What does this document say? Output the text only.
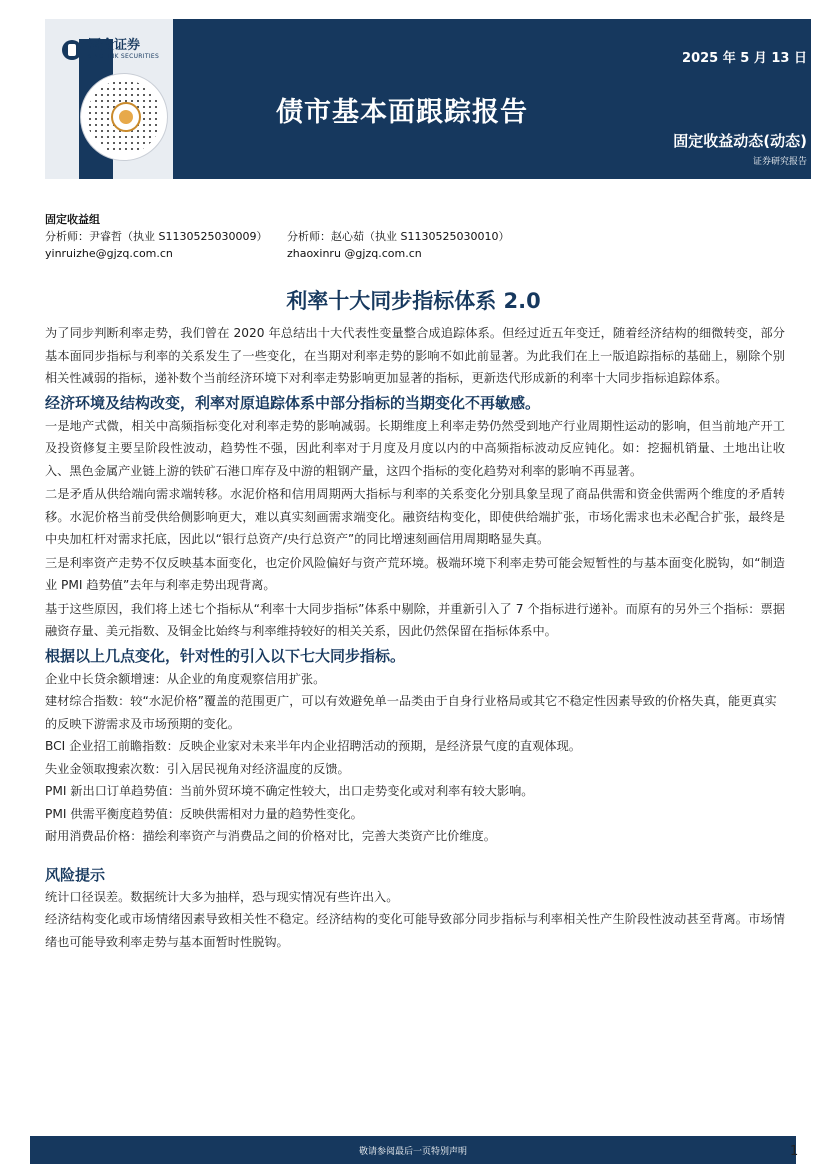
国金证券
SINOLINK SECURITIES	2025 年 5 月 13 日
债市基本面跟踪报告
固定收益动态(动态)
证券研究报告
固定收益组
分析师：尹睿哲（执业 S1130525030009）	分析师：赵心茹（执业 S1130525030010）
yinruizhe@gjzq.com.cn	zhaoxinru @gjzq.com.cn
利率十大同步指标体系 2.0

为了同步判断利率走势，我们曾在 2020 年总结出十大代表性变量整合成追踪体系。但经过近五年变迁，随着经济结构的细微转变，部分基本面同步指标与利率的关系发生了一些变化，在当期对利率走势的影响不如此前显著。为此我们在上一版追踪指标的基础上，剔除个别相关性减弱的指标，递补数个当前经济环境下对利率走势影响更加显著的指标，更新迭代形成新的利率十大同步指标追踪体系。

经济环境及结构改变，利率对原追踪体系中部分指标的当期变化不再敏感。

一是地产式微，相关中高频指标变化对利率走势的影响减弱。长期维度上利率走势仍然受到地产行业周期性运动的影响，但当前地产开工及投资修复主要呈阶段性波动，趋势性不强，因此利率对于月度及月度以内的中高频指标波动反应钝化。如：挖掘机销量、土地出让收入、黑色金属产业链上游的铁矿石港口库存及中游的粗钢产量，这四个指标的变化趋势对利率的影响不再显著。

二是矛盾从供给端向需求端转移。水泥价格和信用周期两大指标与利率的关系变化分别具象呈现了商品供需和资金供需两个维度的矛盾转移。水泥价格当前受供给侧影响更大，难以真实刻画需求端变化。融资结构变化，即使供给端扩张，市场化需求也未必配合扩张，最终是中央加杠杆对需求托底，因此以“银行总资产/央行总资产”的同比增速刻画信用周期略显失真。

三是利率资产走势不仅反映基本面变化，也定价风险偏好与资产荒环境。极端环境下利率走势可能会短暂性的与基本面变化脱钩，如“制造业 PMI 趋势值”去年与利率走势出现背离。

基于这些原因，我们将上述七个指标从“利率十大同步指标”体系中剔除，并重新引入了 7 个指标进行递补。而原有的另外三个指标：票据融资存量、美元指数、及铜金比始终与利率维持较好的相关关系，因此仍然保留在指标体系中。

根据以上几点变化，针对性的引入以下七大同步指标。

企业中长贷余额增速：从企业的角度观察信用扩张。

建材综合指数：较“水泥价格”覆盖的范围更广，可以有效避免单一品类由于自身行业格局或其它不稳定性因素导致的价格失真，能更真实的反映下游需求及市场预期的变化。

BCI 企业招工前瞻指数：反映企业家对未来半年内企业招聘活动的预期，是经济景气度的直观体现。

失业金领取搜索次数：引入居民视角对经济温度的反馈。

PMI 新出口订单趋势值：当前外贸环境不确定性较大，出口走势变化或对利率有较大影响。

PMI 供需平衡度趋势值：反映供需相对力量的趋势性变化。

耐用消费品价格：描绘利率资产与消费品之间的价格对比，完善大类资产比价维度。

风险提示

统计口径误差。数据统计大多为抽样，恐与现实情况有些许出入。

经济结构变化或市场情绪因素导致相关性不稳定。经济结构的变化可能导致部分同步指标与利率相关性产生阶段性波动甚至背离。市场情绪也可能导致利率走势与基本面暂时性脱钩。

敬请参阅最后一页特别声明	1
